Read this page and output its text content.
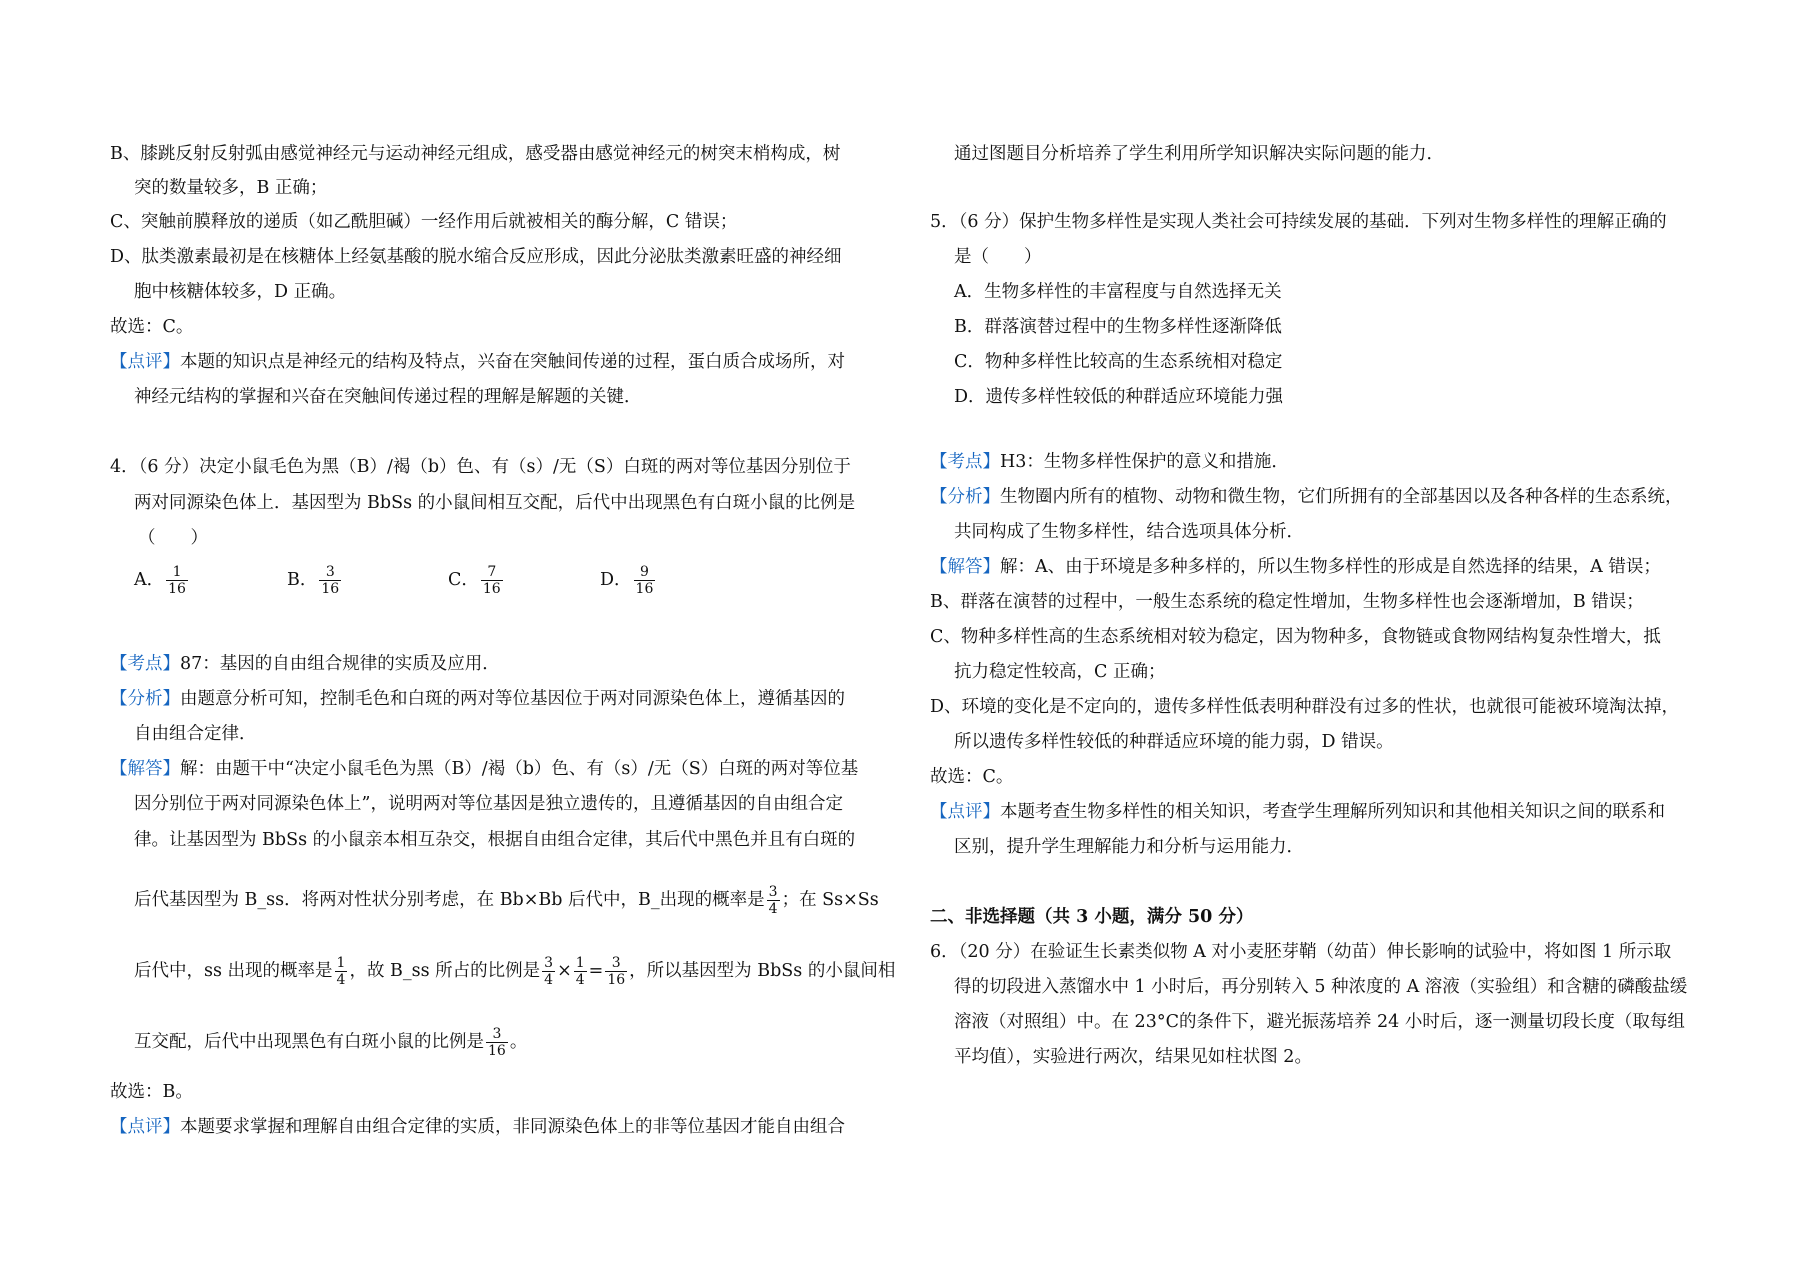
B、膝跳反射反射弧由感觉神经元与运动神经元组成，感受器由感觉神经元的树突末梢构成，树
突的数量较多，B 正确；
C、突触前膜释放的递质（如乙酰胆碱）一经作用后就被相关的酶分解，C 错误；
D、肽类激素最初是在核糖体上经氨基酸的脱水缩合反应形成，因此分泌肽类激素旺盛的神经细
胞中核糖体较多，D 正确。
故选：C。
【点评】本题的知识点是神经元的结构及特点，兴奋在突触间传递的过程，蛋白质合成场所，对
神经元结构的掌握和兴奋在突触间传递过程的理解是解题的关键．
4．（6 分）决定小鼠毛色为黑（B）/褐（b）色、有（s）/无（S）白斑的两对等位基因分别位于
两对同源染色体上．基因型为 BbSs 的小鼠间相互交配，后代中出现黑色有白斑小鼠的比例是
（　　）
A． $\frac{1}{16}$	B． $\frac{3}{16}$	C． $\frac{7}{16}$	D． $\frac{9}{16}$
【考点】87：基因的自由组合规律的实质及应用．
【分析】由题意分析可知，控制毛色和白斑的两对等位基因位于两对同源染色体上，遵循基因的
自由组合定律．
【解答】解：由题干中“决定小鼠毛色为黑（B）/褐（b）色、有（s）/无（S）白斑的两对等位基
因分别位于两对同源染色体上”，说明两对等位基因是独立遗传的，且遵循基因的自由组合定
律。让基因型为 BbSs 的小鼠亲本相互杂交，根据自由组合定律，其后代中黑色并且有白斑的
后代基因型为 B_ss．将两对性状分别考虑，在 Bb×Bb 后代中，B_出现的概率是 $\frac{3}{4}$ ；在 Ss×Ss
后代中，ss 出现的概率是 $\frac{1}{4}$ ，故 B_ss 所占的比例是 $\frac{3}{4} \times \frac{1}{4} = \frac{3}{16}$ ，所以基因型为 BbSs 的小鼠间相
互交配，后代中出现黑色有白斑小鼠的比例是 $\frac{3}{16}$ 。
故选：B。
【点评】本题要求掌握和理解自由组合定律的实质，非同源染色体上的非等位基因才能自由组合
通过图题目分析培养了学生利用所学知识解决实际问题的能力．
5．（6 分）保护生物多样性是实现人类社会可持续发展的基础．下列对生物多样性的理解正确的
是（　　）
A．生物多样性的丰富程度与自然选择无关
B．群落演替过程中的生物多样性逐渐降低
C．物种多样性比较高的生态系统相对稳定
D．遗传多样性较低的种群适应环境能力强
【考点】H3：生物多样性保护的意义和措施．
【分析】生物圈内所有的植物、动物和微生物，它们所拥有的全部基因以及各种各样的生态系统，
共同构成了生物多样性，结合选项具体分析．
【解答】解：A、由于环境是多种多样的，所以生物多样性的形成是自然选择的结果，A 错误；
B、群落在演替的过程中，一般生态系统的稳定性增加，生物多样性也会逐渐增加，B 错误；
C、物种多样性高的生态系统相对较为稳定，因为物种多，食物链或食物网结构复杂性增大，抵
抗力稳定性较高，C 正确；
D、环境的变化是不定向的，遗传多样性低表明种群没有过多的性状，也就很可能被环境淘汰掉，
所以遗传多样性较低的种群适应环境的能力弱，D 错误。
故选：C。
【点评】本题考查生物多样性的相关知识，考查学生理解所列知识和其他相关知识之间的联系和
区别，提升学生理解能力和分析与运用能力．
二、非选择题（共 3 小题，满分 50 分）
6．（20 分）在验证生长素类似物 A 对小麦胚芽鞘（幼苗）伸长影响的试验中，将如图 1 所示取
得的切段进入蒸馏水中 1 小时后，再分别转入 5 种浓度的 A 溶液（实验组）和含糖的磷酸盐缓
溶液（对照组）中。在 23°C的条件下，避光振荡培养 24 小时后，逐一测量切段长度（取每组
平均值），实验进行两次，结果见如柱状图 2。
